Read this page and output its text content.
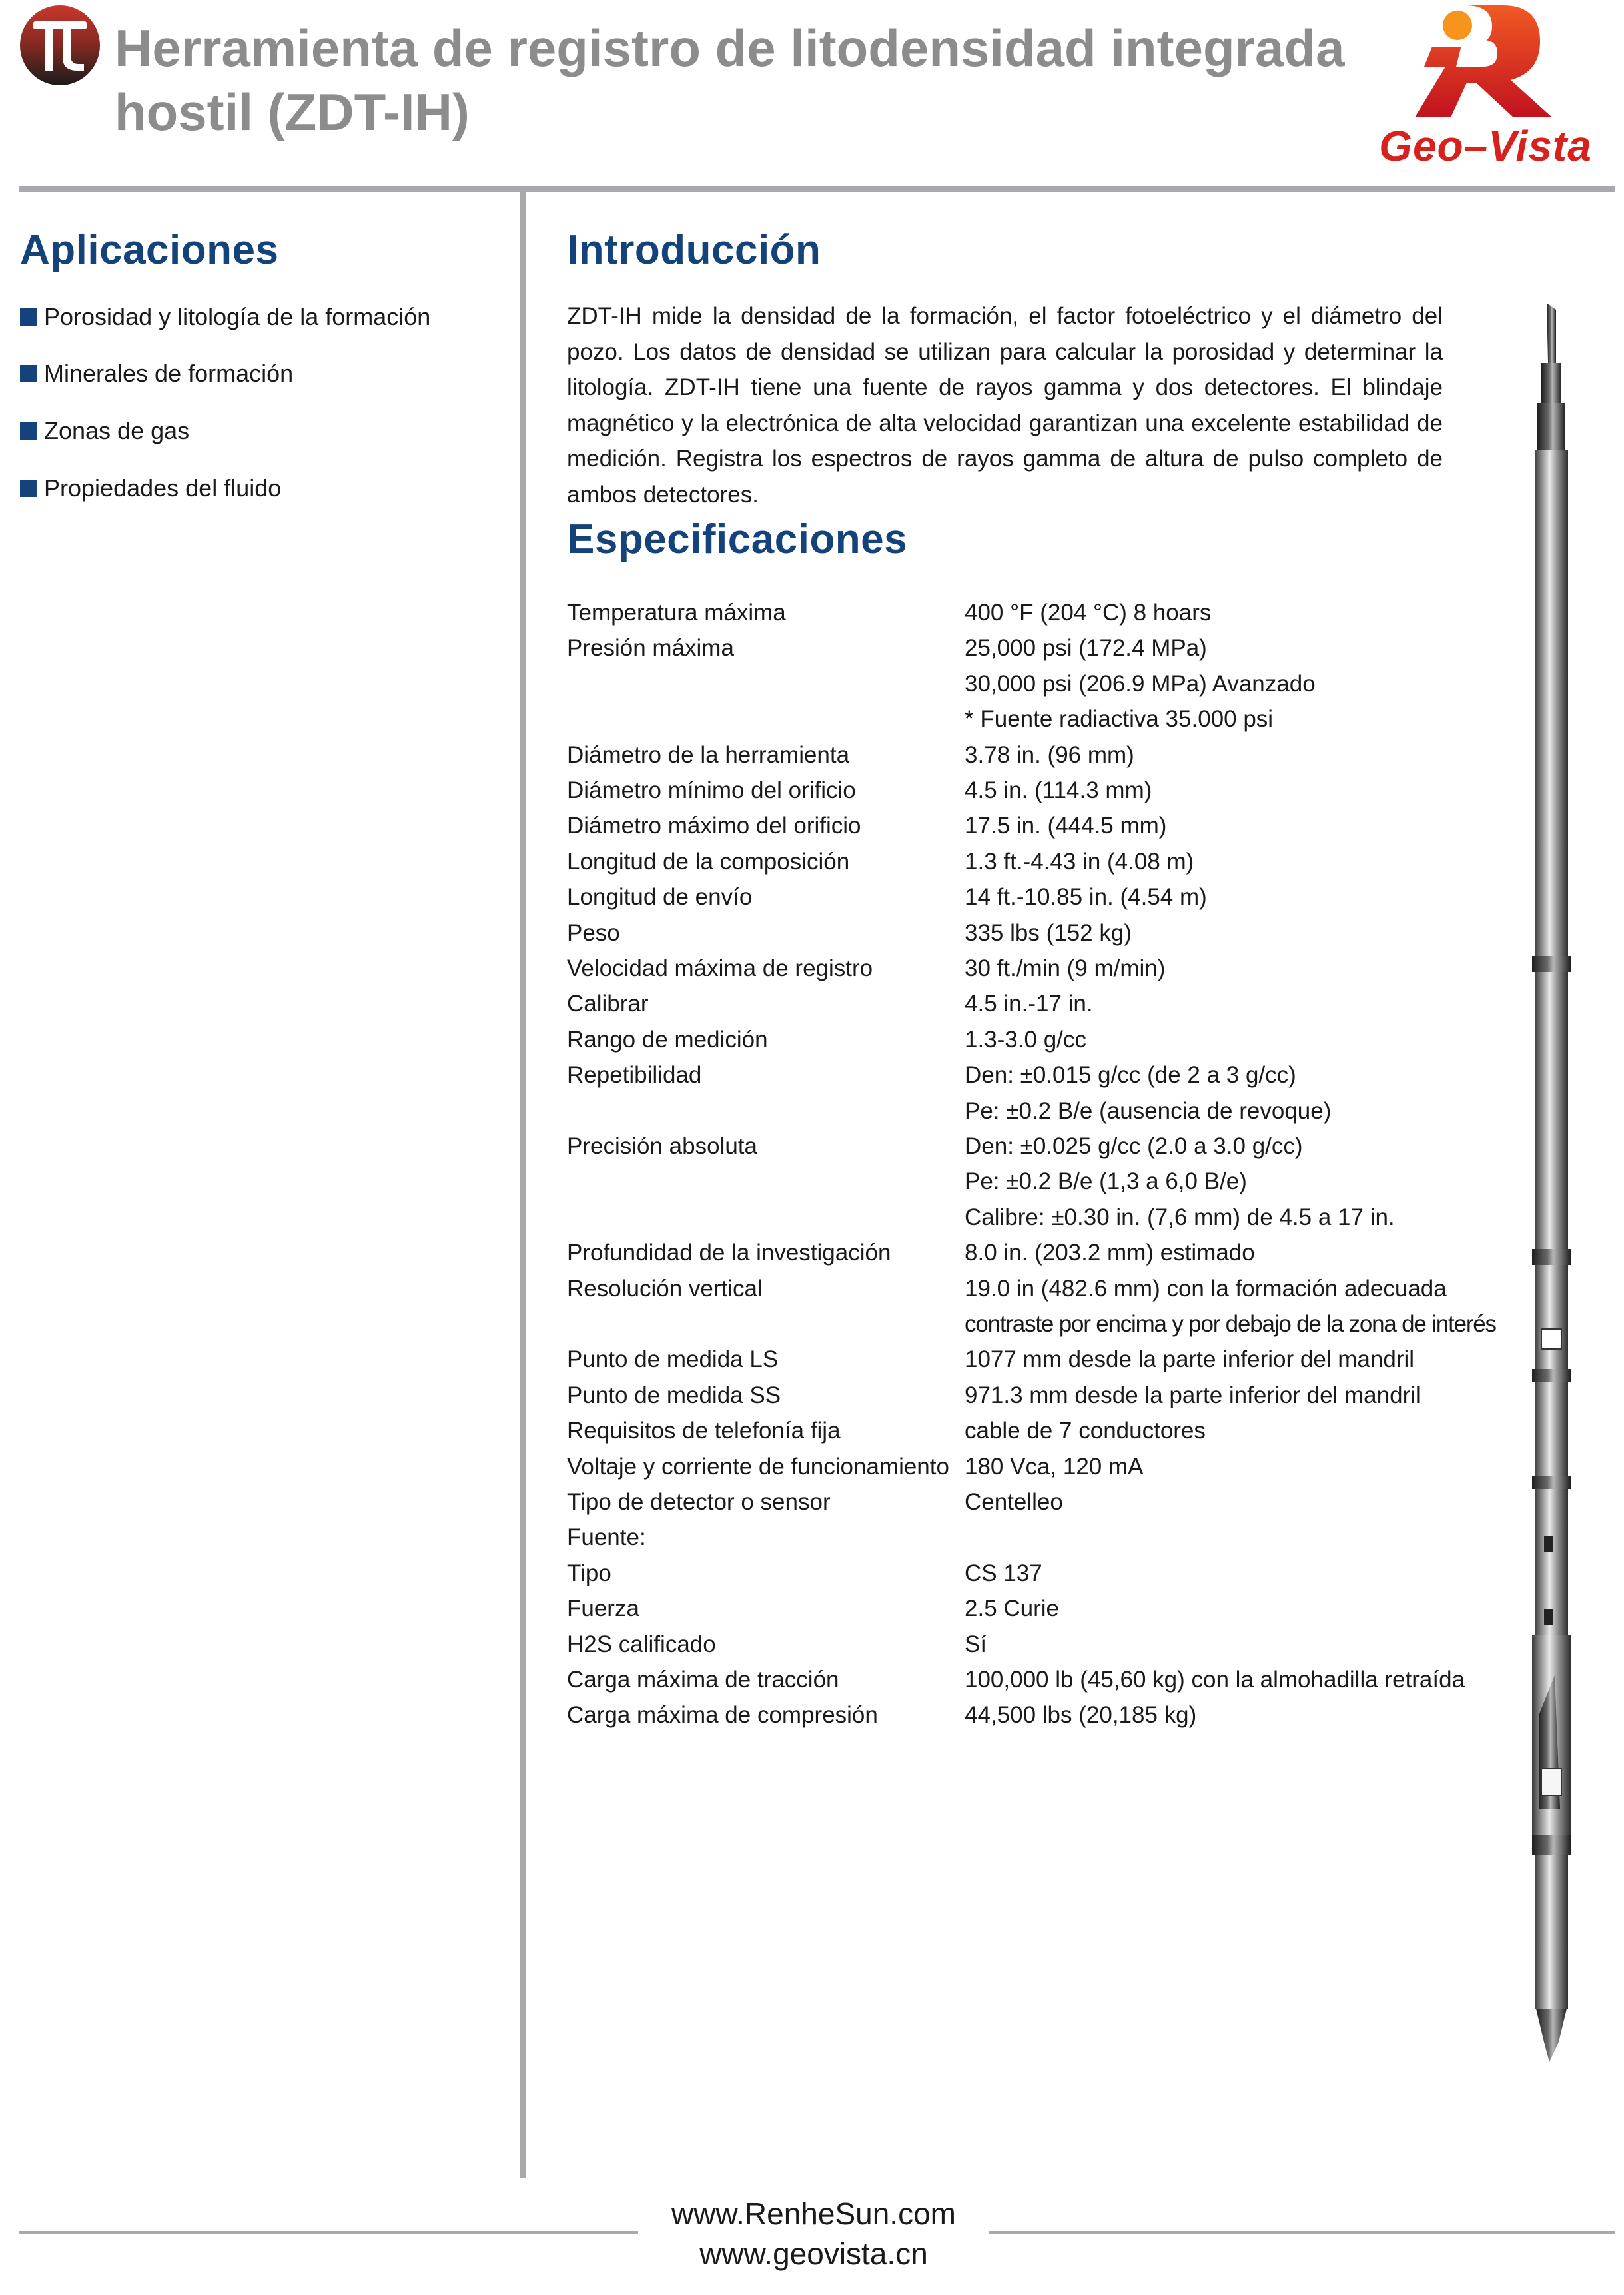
Herramienta de registro de litodensidad integrada
hostil (ZDT-IH)
Geo–Vista
Aplicaciones
Porosidad y litología de la formación
Minerales de formación
Zonas de gas
Propiedades del fluido
Introducción
ZDT-IH mide la densidad de la formación, el factor fotoeléctrico y el diámetro del pozo. Los datos de densidad se utilizan para calcular la porosidad y determinar la litología. ZDT-IH tiene una fuente de rayos gamma y dos detectores. El blindaje magnético y la electrónica de alta velocidad garantizan una excelente estabilidad de medición. Registra los espectros de rayos gamma de altura de pulso completo de ambos detectores.
Especificaciones
Temperatura máxima	400 °F (204 °C) 8 hoars
Presión máxima	25,000 psi (172.4 MPa)
30,000 psi (206.9 MPa) Avanzado
* Fuente radiactiva 35.000 psi
Diámetro de la herramienta	3.78 in. (96 mm)
Diámetro mínimo del orificio	4.5 in. (114.3 mm)
Diámetro máximo del orificio	17.5 in. (444.5 mm)
Longitud de la composición	1.3 ft.-4.43 in (4.08 m)
Longitud de envío	14 ft.-10.85 in. (4.54 m)
Peso	335 lbs (152 kg)
Velocidad máxima de registro	30 ft./min (9 m/min)
Calibrar	4.5 in.-17 in.
Rango de medición	1.3-3.0 g/cc
Repetibilidad	Den: ±0.015 g/cc (de 2 a 3 g/cc)
Pe: ±0.2 B/e (ausencia de revoque)
Precisión absoluta	Den: ±0.025 g/cc (2.0 a 3.0 g/cc)
Pe: ±0.2 B/e (1,3 a 6,0 B/e)
Calibre: ±0.30 in. (7,6 mm) de 4.5 a 17 in.
Profundidad de la investigación	8.0 in. (203.2 mm) estimado
Resolución vertical	19.0 in (482.6 mm) con la formación adecuada
contraste por encima y por debajo de la zona de interés
Punto de medida LS	1077 mm desde la parte inferior del mandril
Punto de medida SS	971.3 mm desde la parte inferior del mandril
Requisitos de telefonía fija	cable de 7 conductores
Voltaje y corriente de funcionamiento 180 Vca, 120 mA
Tipo de detector o sensor	Centelleo
Fuente:
Tipo	CS 137
Fuerza	2.5 Curie
H2S calificado	Sí
Carga máxima de tracción	100,000 lb (45,60 kg) con la almohadilla retraída
Carga máxima de compresión	44,500 lbs (20,185 kg)
www.RenheSun.com
www.geovista.cn
